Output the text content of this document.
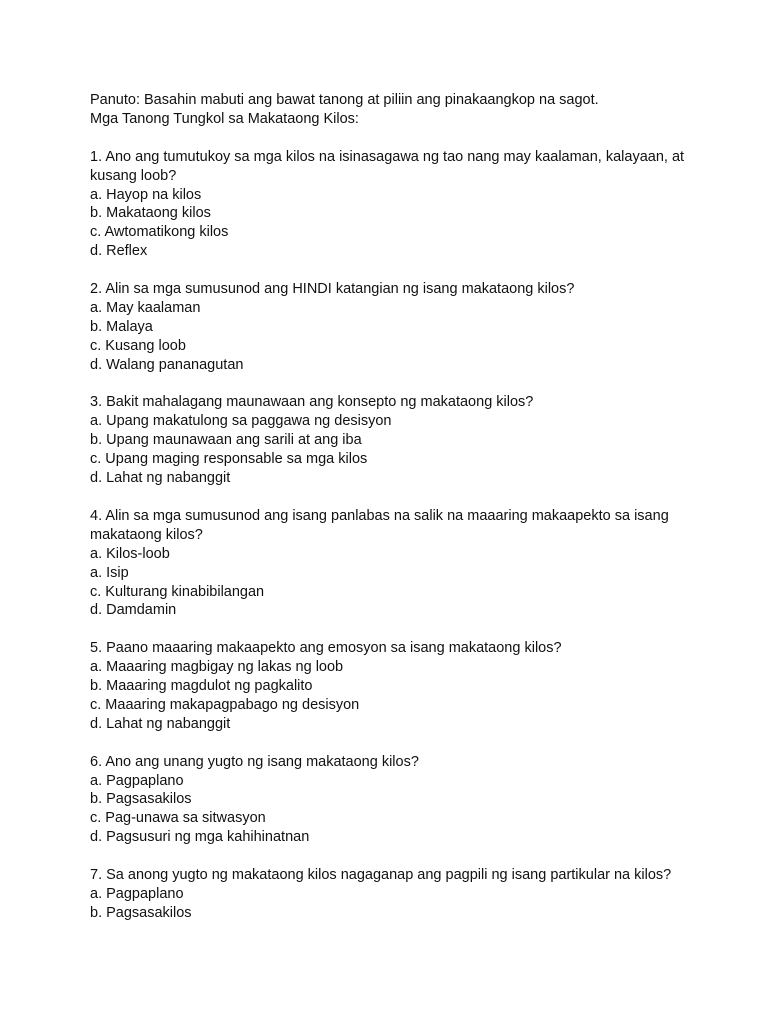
Panuto: Basahin mabuti ang bawat tanong at piliin ang pinakaangkop na sagot.
Mga Tanong Tungkol sa Makataong Kilos:
1. Ano ang tumutukoy sa mga kilos na isinasagawa ng tao nang may kaalaman, kalayaan, at
kusang loob?
a. Hayop na kilos
b. Makataong kilos
c. Awtomatikong kilos
d. Reflex
2. Alin sa mga sumusunod ang HINDI katangian ng isang makataong kilos?
a. May kaalaman
b. Malaya
c. Kusang loob
d. Walang pananagutan
3. Bakit mahalagang maunawaan ang konsepto ng makataong kilos?
a. Upang makatulong sa paggawa ng desisyon
b. Upang maunawaan ang sarili at ang iba
c. Upang maging responsable sa mga kilos
d. Lahat ng nabanggit
4. Alin sa mga sumusunod ang isang panlabas na salik na maaaring makaapekto sa isang
makataong kilos?
a. Kilos-loob
a. Isip
c. Kulturang kinabibilangan
d. Damdamin
5. Paano maaaring makaapekto ang emosyon sa isang makataong kilos?
a. Maaaring magbigay ng lakas ng loob
b. Maaaring magdulot ng pagkalito
c. Maaaring makapagpabago ng desisyon
d. Lahat ng nabanggit
6. Ano ang unang yugto ng isang makataong kilos?
a. Pagpaplano
b. Pagsasakilos
c. Pag-unawa sa sitwasyon
d. Pagsusuri ng mga kahihinatnan
7. Sa anong yugto ng makataong kilos nagaganap ang pagpili ng isang partikular na kilos?
a. Pagpaplano
b. Pagsasakilos
